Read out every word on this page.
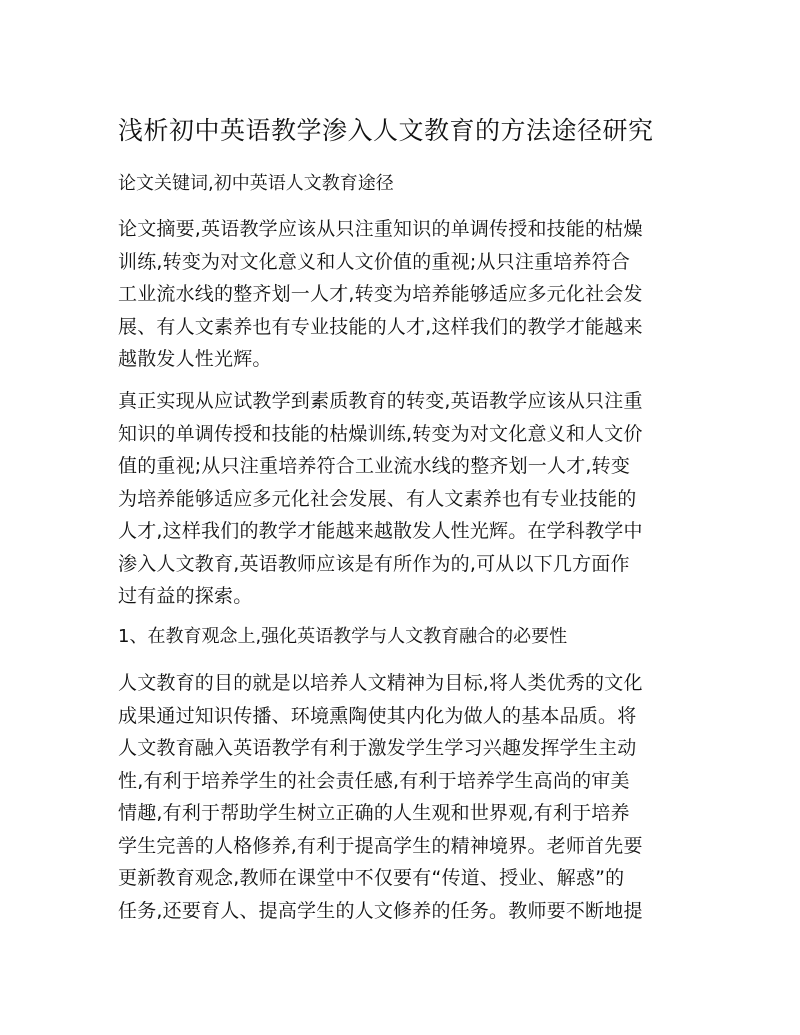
浅析初中英语教学渗入人文教育的方法途径研究
论文关键词,初中英语人文教育途径
论文摘要,英语教学应该从只注重知识的单调传授和技能的枯燥
训练,转变为对文化意义和人文价值的重视;从只注重培养符合
工业流水线的整齐划一人才,转变为培养能够适应多元化社会发
展、有人文素养也有专业技能的人才,这样我们的教学才能越来
越散发人性光辉。
真正实现从应试教学到素质教育的转变,英语教学应该从只注重
知识的单调传授和技能的枯燥训练,转变为对文化意义和人文价
值的重视;从只注重培养符合工业流水线的整齐划一人才,转变
为培养能够适应多元化社会发展、有人文素养也有专业技能的
人才,这样我们的教学才能越来越散发人性光辉。在学科教学中
渗入人文教育,英语教师应该是有所作为的,可从以下几方面作
过有益的探索。
1、在教育观念上,强化英语教学与人文教育融合的必要性
人文教育的目的就是以培养人文精神为目标,将人类优秀的文化
成果通过知识传播、环境熏陶使其内化为做人的基本品质。将
人文教育融入英语教学有利于激发学生学习兴趣发挥学生主动
性,有利于培养学生的社会责任感,有利于培养学生高尚的审美
情趣,有利于帮助学生树立正确的人生观和世界观,有利于培养
学生完善的人格修养,有利于提高学生的精神境界。老师首先要
更新教育观念,教师在课堂中不仅要有“传道、授业、解惑”的
任务,还要育人、提高学生的人文修养的任务。教师要不断地提
